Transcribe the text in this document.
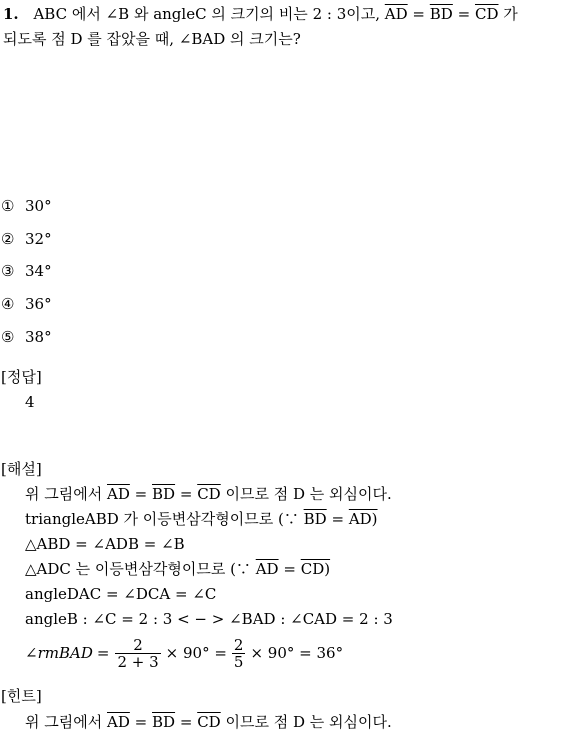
1. ABC 에서 ∠B 와 angleC 의 크기의 비는 2 : 3이고, $\overline{AD} = \overline{BD} = \overline{CD}$ 가
되도록 점 D 를 잡았을 때, ∠BAD 의 크기는?
① 30°
② 32°
③ 34°
④ 36°
⑤ 38°
[정답]
4
[해설]
위 그림에서 $\overline{AD} = \overline{BD} = \overline{CD}$ 이므로 점 D 는 외심이다.
triangleABD 가 이등변삼각형이므로 (∵ $\overline{BD} = AD$)
△ABD = ∠ADB = ∠B
△ADC 는 이등변삼각형이므로 (∵ $\overline{AD} = CD$)
angleDAC = ∠DCA = ∠C
angleB : ∠C = 2 : 3 < − > ∠BAD : ∠CAD = 2 : 3
∠ rmBAD = $\frac{2}{2 + 3} \times 90^\circ = \frac{2}{5} \times 90^\circ = 36^\circ$
[힌트]
위 그림에서 $\overline{AD} = \overline{BD} = \overline{CD}$ 이므로 점 D 는 외심이다.
